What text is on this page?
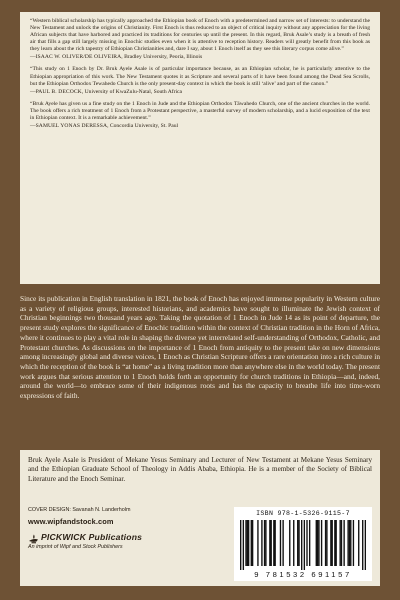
“Western biblical scholarship has typically approached the Ethiopian book of Enoch with a predetermined and narrow set of interests: to understand the New Testament and unlock the origins of Christianity. First Enoch is thus reduced to an object of critical inquiry without any appreciation for the living African subjects that have harbored and practiced its traditions for centuries up until the present. In this regard, Bruk Asale’s study is a breath of fresh air that fills a gap still largely missing in Enochic studies even when it is attentive to reception history. Readers will greatly benefit from this book as they learn about the rich tapestry of Ethiopian Christianities and, dare I say, about 1 Enoch itself as they see this literary corpus come alive.”

—ISAAC W. OLIVER/DE OLIVEIRA, Bradley University, Peoria, Illinois

“This study on 1 Enoch by Dr. Bruk Ayele Asale is of particular importance because, as an Ethiopian scholar, he is particularly attentive to the Ethiopian appropriation of this work. The New Testament quotes it as Scripture and several parts of it have been found among the Dead Sea Scrolls, but the Ethiopian Orthodox Tewahedo Church is the only present-day context in which the book is still ‘alive’ and part of the canon.”

—PAUL B. DECOCK, University of KwaZulu-Natal, South Africa

“Bruk Ayele has given us a fine study on the 1 Enoch in Jude and the Ethiopian Orthodox Täwahedo Church, one of the ancient churches in the world. The book offers a rich treatment of 1 Enoch from a Protestant perspective, a masterful survey of modern scholarship, and a lucid exposition of the text in Ethiopian context. It is a remarkable achievement.”

—SAMUEL YONAS DERESSA, Concordia University, St. Paul

Since its publication in English translation in 1821, the book of Enoch has enjoyed immense popularity in Western culture as a variety of religious groups, interested historians, and academics have sought to illuminate the Jewish context of Christian beginnings two thousand years ago. Taking the quotation of 1 Enoch in Jude 14 as its point of departure, the present study explores the significance of Enochic tradition within the context of Christian tradition in the Horn of Africa, where it continues to play a vital role in shaping the diverse yet interrelated self-understanding of Orthodox, Catholic, and Protestant churches. As discussions on the importance of 1 Enoch from antiquity to the present take on new dimensions among increasingly global and diverse voices, 1 Enoch as Christian Scripture offers a rare orientation into a rich culture in which the reception of the book is “at home” as a living tradition more than anywhere else in the world today. The present work argues that serious attention to 1 Enoch holds forth an opportunity for church traditions in Ethiopia—and, indeed, around the world—to embrace some of their indigenous roots and has the capacity to breathe life into time-worn expressions of faith.

Bruk Ayele Asale is President of Mekane Yesus Seminary and Lecturer of New Testament at Mekane Yesus Seminary and the Ethiopian Graduate School of Theology in Addis Ababa, Ethiopia. He is a member of the Society of Biblical Literature and the Enoch Seminar.

COVER DESIGN: Savanah N. Landerholm
www.wipfandstock.com
PICKWICK Publications
An imprint of Wipf and Stock Publishers
ISBN 978-1-5326-9115-7
9 781532 691157
